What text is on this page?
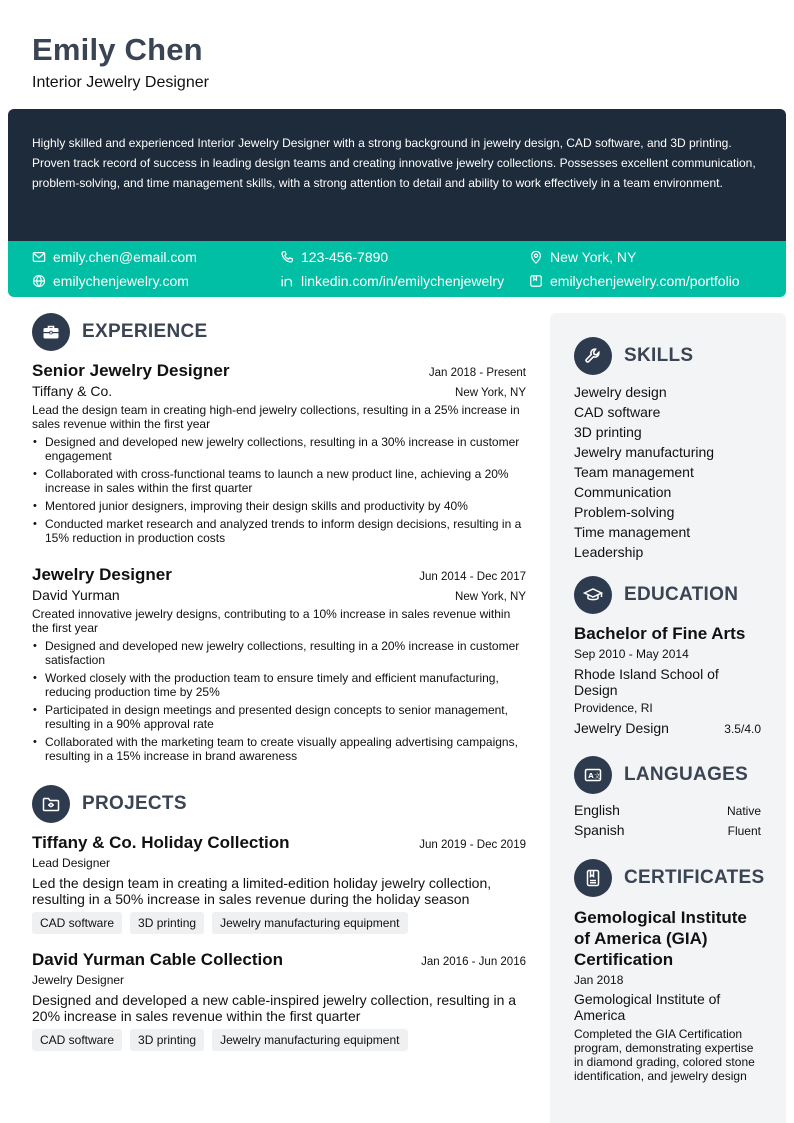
Emily Chen
Interior Jewelry Designer

Highly skilled and experienced Interior Jewelry Designer with a strong background in jewelry design, CAD software, and 3D printing. Proven track record of success in leading design teams and creating innovative jewelry collections. Possesses excellent communication, problem-solving, and time management skills, with a strong attention to detail and ability to work effectively in a team environment.

emily.chen@email.com	123-456-7890	New York, NY
emilychenjewelry.com	linkedin.com/in/emilychenjewelry	emilychenjewelry.com/portfolio
EXPERIENCE
Senior Jewelry Designer	Jan 2018 - Present
Tiffany & Co.	New York, NY
Lead the design team in creating high-end jewelry collections, resulting in a 25% increase in sales revenue within the first year
• Designed and developed new jewelry collections, resulting in a 30% increase in customer engagement
• Collaborated with cross-functional teams to launch a new product line, achieving a 20% increase in sales within the first quarter
• Mentored junior designers, improving their design skills and productivity by 40%
• Conducted market research and analyzed trends to inform design decisions, resulting in a 15% reduction in production costs
Jewelry Designer	Jun 2014 - Dec 2017
David Yurman	New York, NY
Created innovative jewelry designs, contributing to a 10% increase in sales revenue within the first year
• Designed and developed new jewelry collections, resulting in a 20% increase in customer satisfaction
• Worked closely with the production team to ensure timely and efficient manufacturing, reducing production time by 25%
• Participated in design meetings and presented design concepts to senior management, resulting in a 90% approval rate
• Collaborated with the marketing team to create visually appealing advertising campaigns, resulting in a 15% increase in brand awareness
PROJECTS
Tiffany & Co. Holiday Collection	Jun 2019 - Dec 2019
Lead Designer
Led the design team in creating a limited-edition holiday jewelry collection, resulting in a 50% increase in sales revenue during the holiday season
CAD software	3D printing	Jewelry manufacturing equipment
David Yurman Cable Collection	Jan 2016 - Jun 2016
Jewelry Designer
Designed and developed a new cable-inspired jewelry collection, resulting in a 20% increase in sales revenue within the first quarter
CAD software	3D printing	Jewelry manufacturing equipment
SKILLS
Jewelry design
CAD software
3D printing
Jewelry manufacturing
Team management
Communication
Problem-solving
Time management
Leadership
EDUCATION
Bachelor of Fine Arts
Sep 2010 - May 2014
Rhode Island School of Design
Providence, RI
Jewelry Design	3.5/4.0
A 文 LANGUAGES
English	Native
Spanish	Fluent
CERTIFICATES
Gemological Institute of America (GIA) Certification
Jan 2018
Gemological Institute of America
Completed the GIA Certification program, demonstrating expertise in diamond grading, colored stone identification, and jewelry design
